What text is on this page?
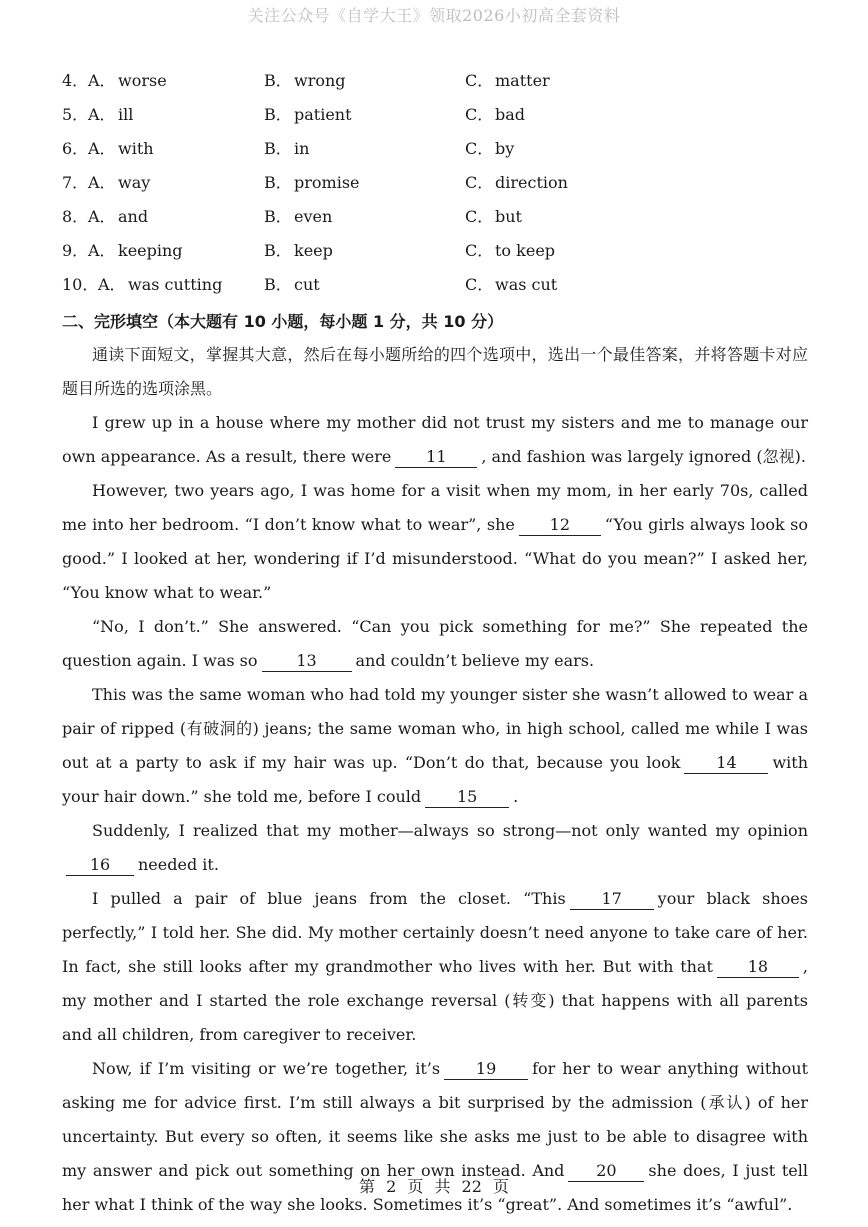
关注公众号《自学大王》领取2026小初高全套资料
4． A． worse	B． wrong	C． matter
5． A． ill	B． patient	C． bad
6． A． with	B． in	C． by
7． A． way	B． promise	C． direction
8． A． and	B． even	C． but
9． A． keeping	B． keep	C． to keep
10． A． was cutting	B． cut	C． was cut
二、完形填空（本大题有 10 小题，每小题 1 分，共 10 分）

通读下面短文，掌握其大意，然后在每小题所给的四个选项中，选出一个最佳答案，并将答题卡对应题目所选的选项涂黑。

I grew up in a house where my mother did not trust my sisters and me to manage our own appearance. As a result, there were 11 , and fashion was largely ignored (忽视).

However, two years ago, I was home for a visit when my mom, in her early 70s, called me into her bedroom. “I don’t know what to wear”, she 12 “You girls always look so good.” I looked at her, wondering if I’d misunderstood. “What do you mean?” I asked her, “You know what to wear.”

“No, I don’t.” She answered. “Can you pick something for me?” She repeated the question again. I was so 13 and couldn’t believe my ears.

This was the same woman who had told my younger sister she wasn’t allowed to wear a pair of ripped (有破洞的) jeans; the same woman who, in high school, called me while I was out at a party to ask if my hair was up. “Don’t do that, because you look 14 with your hair down.” she told me, before I could 15 .

Suddenly, I realized that my mother—always so strong—not only wanted my opinion16 needed it.

I pulled a pair of blue jeans from the closet. “This 17 your black shoes perfectly,” I told her. She did. My mother certainly doesn’t need anyone to take care of her. In fact, she still looks after my grandmother who lives with her. But with that 18 , my mother and I started the role exchange reversal (转变) that happens with all parents and all children, from caregiver to receiver.

Now, if I’m visiting or we’re together, it’s 19 for her to wear anything without asking me for advice first. I’m still always a bit surprised by the admission (承认) of her uncertainty. But every so often, it seems like she asks me just to be able to disagree with my answer and pick out something on her own instead. And 20 she does, I just tell her what I think of the way she looks. Sometimes it’s “great”. And sometimes it’s “awful”.

第 2 页 共 22 页
